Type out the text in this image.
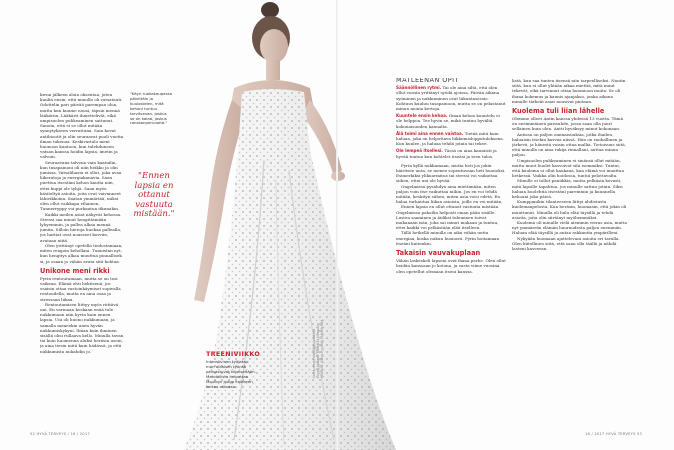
kivun jälkeen aloin oksentaa, joten kuulin ensin, että minulla oli vatsatauti. Odottelin pari päivää parempaa oloa, mutta kun kuume nousi, täpsin mennä lääkäriin. Lääkärit ihmettelivät, eikä umpisuolen puhkeaminen sattunut. Sanoin, että ei se ollut mitään synnytykseen verrattuna. Sain kovat antibiootit ja olin seuraavat puoli vuotta ilman tukenoa. Keskivartalo meni huonoon kuntoon, kun tulehduneen vatsan kanssa hoidin lapsia, imetin ja valvoin.

Seuraavana talvena vain kaatuilin, kun tasapainoni oli niin heikko ja olin jumissa. Vatsalihasta ei ollut, joka avaa liikeratoja ja energiakanavia. Saan puettua itsestäni kehon kautta niin, ettei kuppi ole tyhjä. Saan myös käsiteltyä asioita, joita ovat vaivanneet lähivikkoina. Saatan ymmärtää, miksi olen ollut vaikkapa vihainen. Tunnerryppy voi purkautua itkunakin.

Kaikki meilen asiat näkyvät kehossa. Stressi saa minut hengittämään lyhyemmin, ja pallea alkaa mennä jumiin. Silloin hieroja huokaa pallealla, jos hartiat ovat nousseet korviin, avataan niitä.

Olen yrittänyt opetella tiedostamaan, miten reagoin kehollani. Tunnistan nyt, kun hengitys alkaa muuttua pinnallisek si, ja osaan jo vähän avata sitä kohtaa.

Unikone meni rikki

Pyrin rentoutumaan, mutta se on tosi vaikeaa. Elämä ehti hektisenä, jos osaisin ottaa vastoinkäymiset sopivalla rentoudella, mutta en aina osaa ja stressaan liikaa.

Rentoutumisen liittyy myös riittävä uni. En varmaan koskaan enää tule nukkumaan niin hyvin kuin ennen lapsia. Uni oli huono nukkumaan, ja samalla meneekin unen hyvän nukkumiskykyni. Ilman kuin ihminen sisällä olisi rullaava kello. Minulla tavan tai kuin huomenna aluksi heräsin usein, ja aina tiesin mitä kuin hädässä, ja että nukkumista nukahdin jo.

"Käyn ruokakaupassa päivittäin ja kuulostelen, mitä kehoni tuntuu tarvitsevan. Joskus se on kalaa, joskus ranskanperunoita."
"Ennen lapsia en ottanut vastuuta mistään."
TREENIVIIKKO
Intensiivinen työjakso mon aikaisen työnsä pelisastuvat kiireiseltään. Mahdollista helpottaa Moulkon jooga kaikkeen kertoo viikossa.
Valokuvaaja kirjailijan taustalla kuvasi tarkasti. Meikki ja kampaus studiolla. Kiitos hyvästä yhteistyöstä.
MATLEENAN OPIT
Säännöllinen rytmi. Tai ole aina siltä, että olen ollut vuosia yrittänyt syödä ajoissa. Päivän aikana syöminen ja nukkuminen ovat liikuntasessio. Kohtuus kuuluu tasapainoon, mutta se on pelastanut minun monia kertoja.
Kuuntele ensin kehoa. Oman kehon kuuntelu ei ole helppoa. Tee hyvin se, mikä tuntuu hyvältä kokonaisuuden kannalta.
Älä toimi aina ennen vaistoa. Tietää mitä kuin haluaa, joka on helpottava liikkumislopputuloksena. Kun kuulee, ja haluaa tehdä jotain tai tekee.
Ole lempeä itsellesi. Tässä on aina kauniisti ja hyvää tuntua kun kohtelet itseäsi ja teen tulos.

Pyrin kyllä nukkumaan, mutta heti jos jokin häiritsee unta, se menee sopeutuvaan heti huonoksi. Esimerkiksi ylikuormitus tai stressi voi vaikuttaa siihen, ettei uni ole hyvää.

Ongelmissa pysähdyn aina miettimään, miten paljon voin itse vaikuttaa niihin. Jos en voi tehdä mitään, keskityn siihen, miten asia voisi edetä. En halua turhautua liikaa asioista, joille en voi mitään.

Ennen lapsia en ollut ottanut vastuuta mistään. Ongelmissa pakoilin helposti oman pään sisälle. Lasten saaminen ja äidiksi tuleminen toivat mukanaan isän, joka sai minut mukaan ja tuntuu, ettei kaikki voi pelkästään elää itselleen.

Tällä hetkellä minulla on aika vähän uutta energiaa, koska nukun huonosti. Pyrin hoitamaan itseäni kuitenkin.

Takaisin vauvakuplaan

Vähän laskeskeli lapseni ovat ihana perhe. Olen ollut heidän kanssaan jo kotona, ja vasta viime vuosina olen opetellut olemaan itseni kanssa.

listä, kun saa tuntea itsensä niin tarpeelliseksi. Nautin siitä, kun ei ollut yhtään aikaa miettiä, mitä muut tekevät, eikä tarvinnut ottaa huomioon muita. Se oli ihana kokemus ja kaunis ajanjakso, jonka aikana minulle tärkeät asiat nousivat pintaan.

Kuolema tuli liian lähelle

Olemme olleet Antin kanssa yhdessä 13 vuotta. Tämä on ensimmäinen parisuhde, jossa saan olla juuri sellainen kuin olen. Antti hyväksyy minut kokonaan.

Antissa on paljon ominaisuuksia, jotka ihailen, haluaisin itsekin kasvaa niissä. Hän on rauhallinen ja järkevä, ja hänestä voisin ottaa mallia. Tietoisuus siitä, että minulla on aina tukija rinnallani, auttaa minua paljon.

Umpisuolen puhkeaminen ei sinänsä ollut mitään, mutta muut huolet kasvoivat sitä isommiksi. Tuntui, että kuolema ei ollut kaukana, kun elämä voi muuttua hetkessä. Vaikka olin hoidossa, tuntui pelottavalta.

Minulle ei tullut paniikkia, mutta pelkäsin kovasti, mitä lapsille tapahtuu, jos minulle sattuu jotain. Siksi haluan huolehtia itsestäni paremmin ja kuunnella kehoani joka päivä.

Kumppanikin tilanteeseen liittyi ahdistusta kuolemanpelosta. Kun heräsin, huomasin, että jokin oli muuttunut. Minulla oli halu elää täysillä ja tehdä asioita, joita olin siirtänyt myöhemmäksi.

Kuolema oli minulle vielä aiemmin vieras asia, mutta nyt ymmärrän elämän hauraudesta paljon enemmän. Haluan elää täysillä ja antaa rakkautta ympärilleni.

Nykyään huomaan ajattelevani asioita eri tavalla. Olen kiitollinen siitä, että saan olla täällä ja nähdä lasteni kasvavan.

52 HYVÄ TERVEYS / 16 / 2017	16 / 2017 HYVÄ TERVEYS 53
